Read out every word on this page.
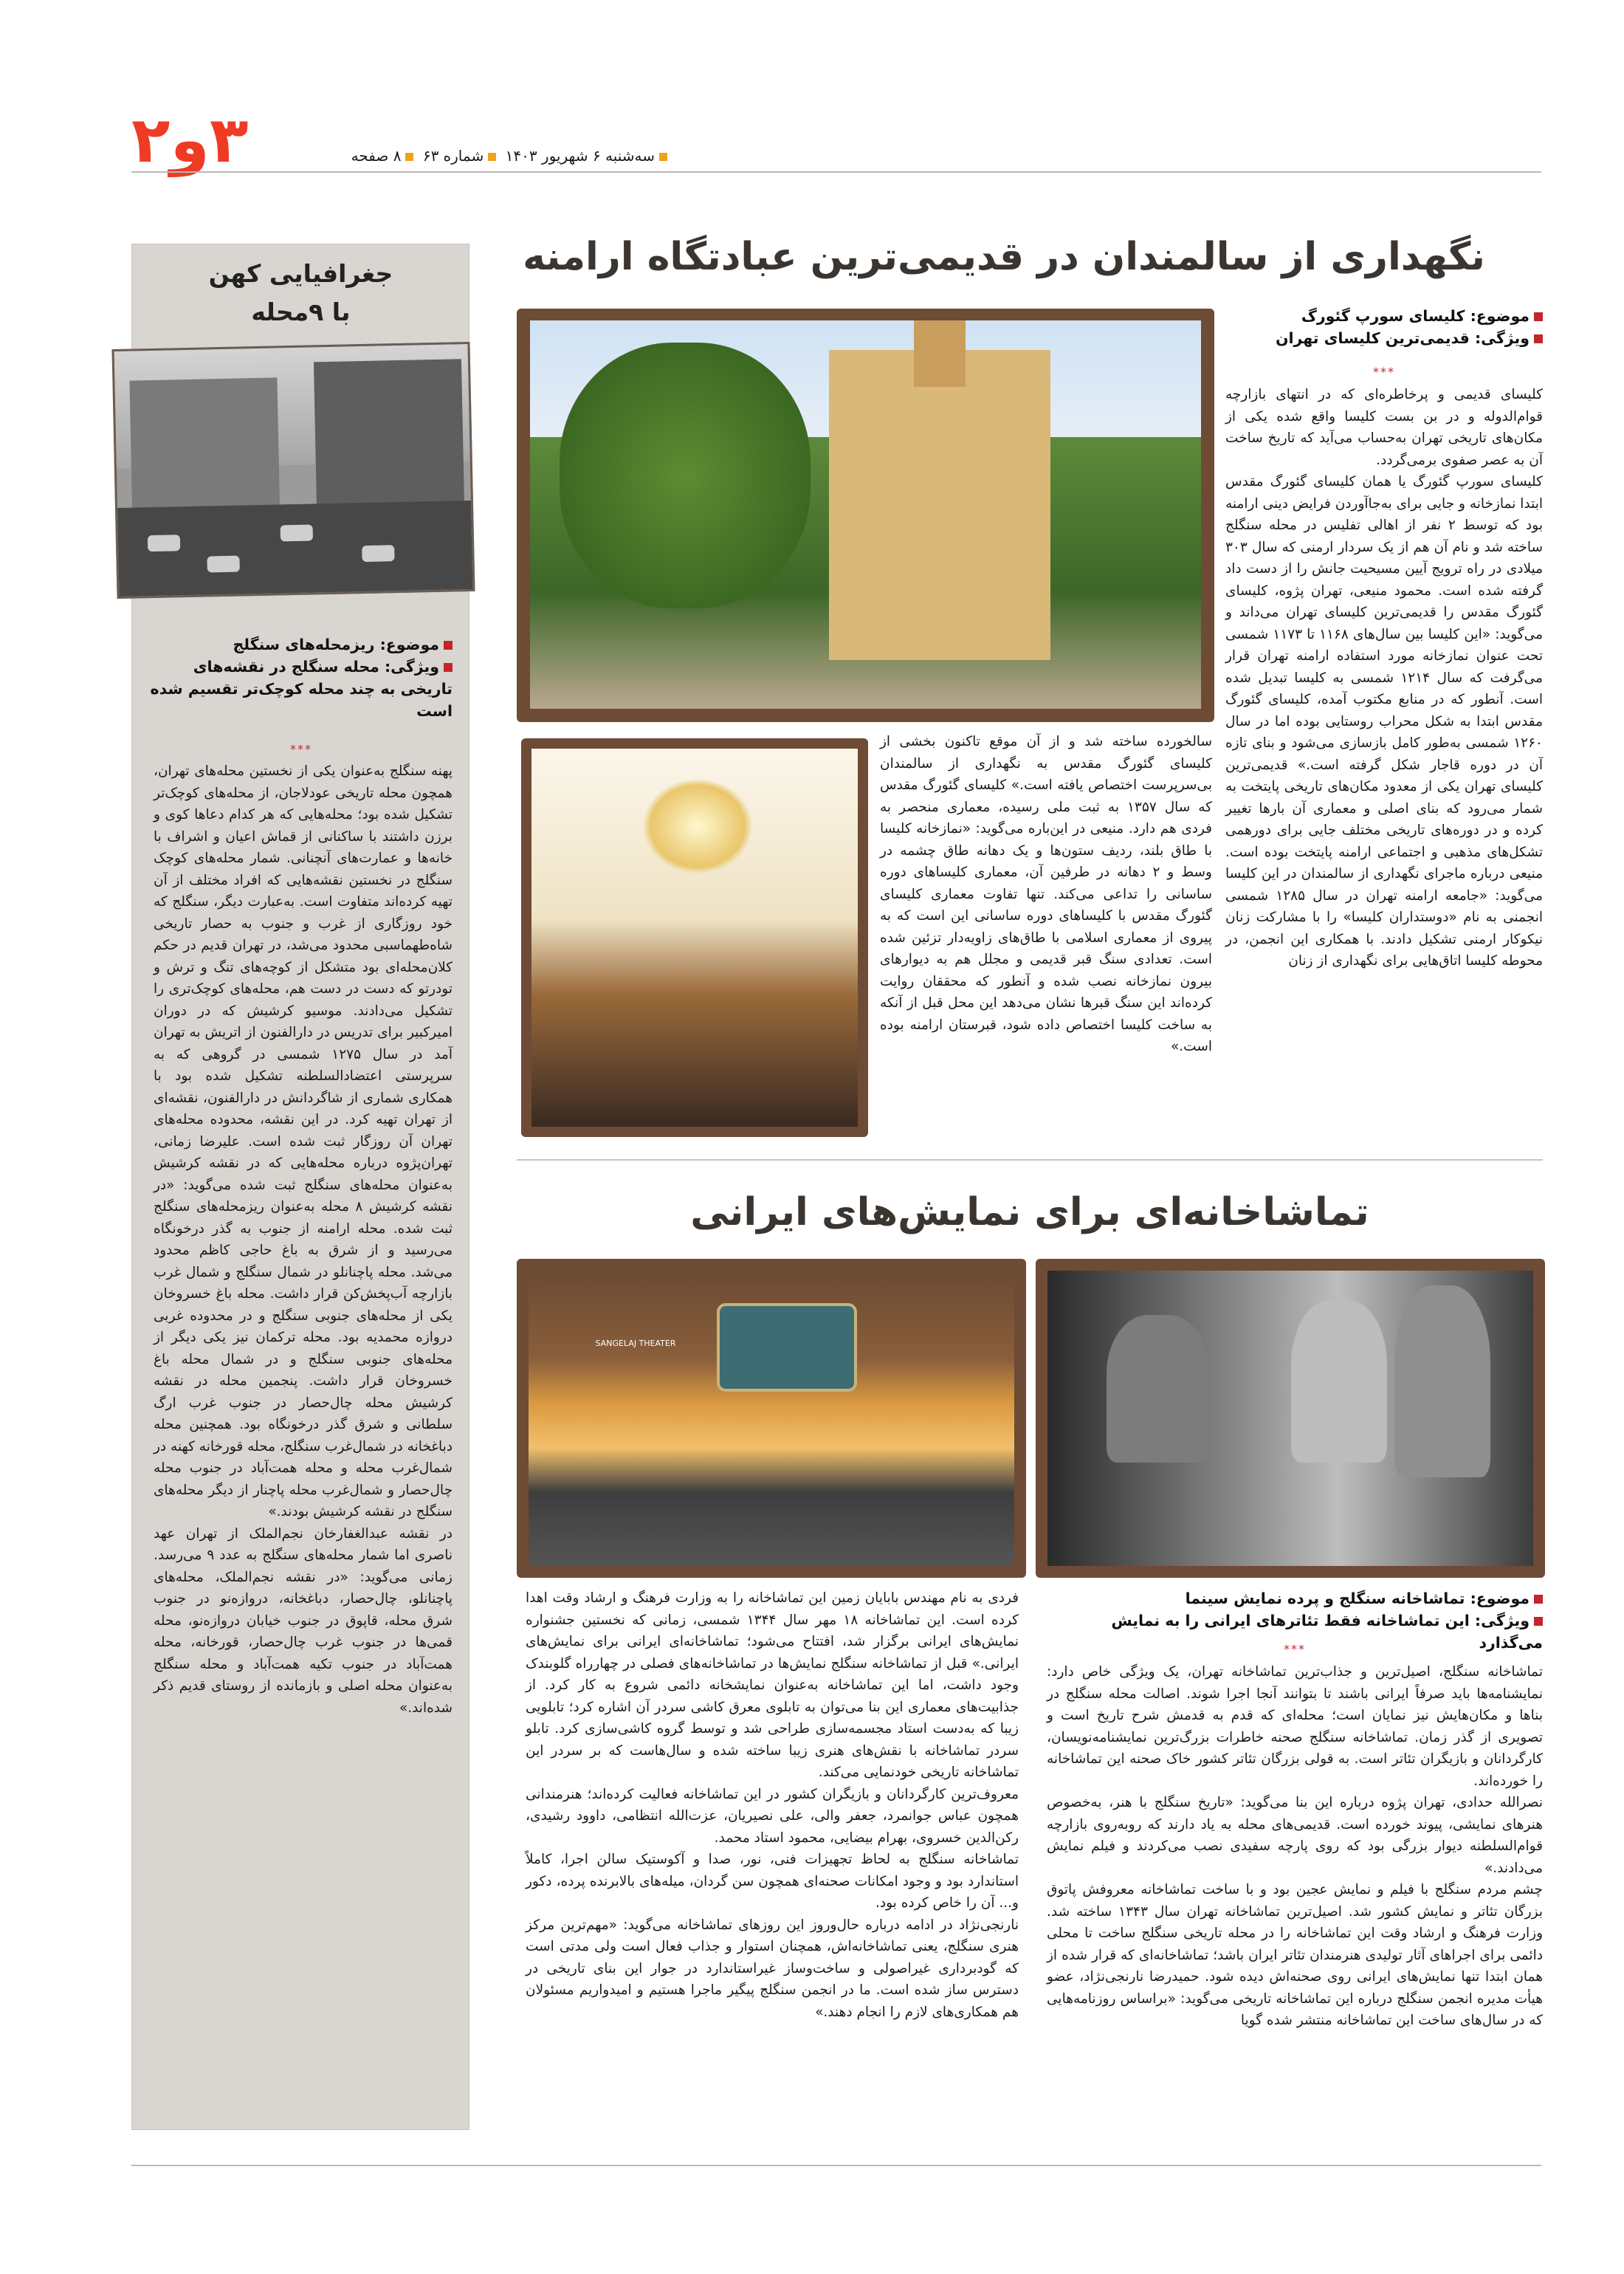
۳و۲	سه‌شنبه ۶ شهریور ۱۴۰۳ شماره ۶۳ ۸ صفحه
جغرافیایی کهن
با ۹محله
موضوع: ریزمحله‌های سنگلج
ویژگی: محله سنگلج در نقشه‌های تاریخی به چند محله کوچک‌تر تقسیم شده است
***

پهنه سنگلج به‌عنوان یکی از نخستین محله‌های تهران، همچون محله تاریخی عودلاجان، از محله‌های کوچک‌تر تشکیل شده بود؛ محله‌هایی که هر کدام دعاها کوی و برزن داشتند با ساکنانی از قماش اعیان و اشراف با خانه‌ها و عمارت‌های آنچنانی. شمار محله‌های کوچک سنگلج در نخستین نقشه‌هایی که افراد مختلف از آن تهیه کرده‌اند متفاوت است. به‌عبارت دیگر، سنگلج که خود روزگاری از غرب و جنوب به حصار تاریخی شاه‌طهماسبی محدود می‌شد، در تهران قدیم در حکم کلان‌محله‌ای بود متشکل از کوچه‌های تنگ و ترش و تودرتو که دست در دست هم، محله‌های کوچک‌تری را تشکیل می‌دادند. موسیو کرشیش که در دوران امیرکبیر برای تدریس در دارالفنون از اتریش به تهران آمد در سال ۱۲۷۵ شمسی در گروهی که به سرپرستی اعتضادالسلطنه تشکیل شده بود با همکاری شماری از شاگردانش در دارالفنون، نقشه‌ای از تهران تهیه کرد. در این نقشه، محدوده محله‌های تهران آن روزگار ثبت شده است. علیرضا زمانی، تهران‌پژوه درباره محله‌هایی که در نقشه کرشیش به‌عنوان محله‌های سنگلج ثبت شده می‌گوید: «در نقشه کرشیش ۸ محله به‌عنوان ریزمحله‌های سنگلج ثبت شده. محله ارامنه از جنوب به گذر درخونگاه می‌رسید و از شرق به باغ حاجی کاظم محدود می‌شد. محله پاچنانلو در شمال سنگلج و شمال غرب بازارچه آب‌پخش‌کن قرار داشت. محله باغ خسروخان یکی از محله‌های جنوبی سنگلج و در محدوده غربی دروازه محمدیه بود. محله ترکمان نیز یکی دیگر از محله‌های جنوبی سنگلج و در شمال محله باغ خسروخان قرار داشت. پنجمین محله در نقشه کرشیش محله چال‌حصار در جنوب غرب ارگ سلطانی و شرق گذر درخونگاه بود. همچنین محله دباغخانه در شمال‌غرب سنگلج، محله قورخانه کهنه در شمال‌غرب محله و محله همت‌آباد در جنوب محله چال‌حصار و شمال‌غرب محله پاچنار از دیگر محله‌های سنگلج در نقشه کرشیش بودند.»

در نقشه عبدالغفارخان نجم‌الملک از تهران عهد ناصری اما شمار محله‌های سنگلج به عدد ۹ می‌رسد. زمانی می‌گوید: «در نقشه نجم‌الملک، محله‌های پاچنانلو، چال‌حصار، دباغخانه، دروازه‌نو در جنوب شرق محله، قاپوق در جنوب خیابان دروازه‌نو، محله قمی‌ها در جنوب غرب چال‌حصار، قورخانه، محله همت‌آباد در جنوب تکیه همت‌آباد و محله سنگلج به‌عنوان محله اصلی و بازمانده از روستای قدیم ذکر شده‌اند.»

نگهداری از سالمندان در قدیمی‌ترین عبادتگاه ارامنه
موضوع: کلیسای سورپ گئورگ
ویژگی: قدیمی‌ترین کلیسای تهران
***

کلیسای قدیمی و پرخاطره‌ای که در انتهای بازارچه قوام‌الدوله و در بن بست کلیسا واقع شده یکی از مکان‌های تاریخی تهران به‌حساب می‌آید که تاریخ ساخت آن به عصر صفوی برمی‌گردد.

کلیسای سورپ گئورگ یا همان کلیسای گئورگ مقدس ابتدا نمازخانه و جایی برای به‌جاآوردن فرایض دینی ارامنه بود که توسط ۲ نفر از اهالی تفلیس در محله سنگلج ساخته شد و نام آن هم از یک سردار ارمنی که سال ۳۰۳ میلادی در راه ترویج آیین مسیحیت جانش را از دست داد گرفته شده است. محمود منیعی، تهران پژوه، کلیسای گئورگ مقدس را قدیمی‌ترین کلیسای تهران می‌داند و می‌گوید: «این کلیسا بین سال‌های ۱۱۶۸ تا ۱۱۷۳ شمسی تحت عنوان نمازخانه مورد استفاده ارامنه تهران قرار می‌گرفت که سال ۱۲۱۴ شمسی به کلیسا تبدیل شده است. آنطور که در منابع مکتوب آمده، کلیسای گئورگ مقدس ابتدا به شکل محراب روستایی بوده اما در سال ۱۲۶۰ شمسی به‌طور کامل بازسازی می‌شود و بنای تازه آن در دوره قاجار شکل گرفته است.» قدیمی‌ترین کلیسای تهران یکی از معدود مکان‌های تاریخی پایتخت به شمار می‌رود که بنای اصلی و معماری آن بارها تغییر کرده و در دوره‌های تاریخی مختلف جایی برای دورهمی تشکل‌های مذهبی و اجتماعی ارامنه پایتخت بوده است. منیعی درباره ماجرای نگهداری از سالمندان در این کلیسا می‌گوید: «جامعه ارامنه تهران در سال ۱۲۸۵ شمسی انجمنی به نام «دوستداران کلیسا» را با مشارکت زنان نیکوکار ارمنی تشکیل دادند. با همکاری این انجمن، در محوطه کلیسا اتاق‌هایی برای نگهداری از زنان

سالخورده ساخته شد و از آن موقع تاکنون بخشی از کلیسای گئورگ مقدس به نگهداری از سالمندان بی‌سرپرست اختصاص یافته است.» کلیسای گئورگ مقدس که سال ۱۳۵۷ به ثبت ملی رسیده، معماری منحصر به فردی هم دارد. منیعی در این‌باره می‌گوید: «نمازخانه کلیسا با طاق بلند، ردیف ستون‌ها و یک دهانه طاق چشمه در وسط و ۲ دهانه در طرفین آن، معماری کلیساهای دوره ساسانی را تداعی می‌کند. تنها تفاوت معماری کلیسای گئورگ مقدس با کلیساهای دوره ساسانی این است که به پیروی از معماری اسلامی با طاق‌های زاویه‌دار تزئین شده است. تعدادی سنگ قبر قدیمی و مجلل هم به دیوارهای بیرون نمازخانه نصب شده و آنطور که محققان روایت کرده‌اند این سنگ قبرها نشان می‌دهد این محل قبل از آنکه به ساخت کلیسا اختصاص داده شود، قبرستان ارامنه بوده است.»

تماشاخانه‌ای برای نمایش‌های ایرانی
SANGELAJ THEATER
موضوع: تماشاخانه سنگلج و پرده نمایش سینما
ویژگی: این تماشاخانه فقط تئاترهای ایرانی را به نمایش می‌گذارد
***

تماشاخانه سنگلج، اصیل‌ترین و جذاب‌ترین تماشاخانه تهران، یک ویژگی خاص دارد: نمایشنامه‌ها باید صرفاً ایرانی باشند تا بتوانند آنجا اجرا شوند. اصالت محله سنگلج در بناها و مکان‌هایش نیز نمایان است؛ محله‌ای که قدم به قدمش شرح تاریخ است و تصویری از گذر زمان. تماشاخانه سنگلج صحنه خاطرات بزرگ‌ترین نمایشنامه‌نویسان، کارگردانان و بازیگران تئاتر است. به قولی بزرگان تئاتر کشور خاک صحنه این تماشاخانه را خورده‌اند.

نصرالله حدادی، تهران پژوه درباره این بنا می‌گوید: «تاریخ سنگلج با هنر، به‌خصوص هنرهای نمایشی، پیوند خورده است. قدیمی‌های محله به یاد دارند که روبه‌روی بازارچه قوام‌السلطنه دیوار بزرگی بود که روی پارچه سفیدی نصب می‌کردند و فیلم نمایش می‌دادند.»

چشم مردم سنگلج با فیلم و نمایش عجین بود و با ساخت تماشاخانه معروفش پاتوق بزرگان تئاتر و نمایش کشور شد. اصیل‌ترین تماشاخانه تهران سال ۱۳۴۳ ساخته شد. وزارت فرهنگ و ارشاد وقت این تماشاخانه را در محله تاریخی سنگلج ساخت تا محلی دائمی برای اجراهای آثار تولیدی هنرمندان تئاتر ایران باشد؛ تماشاخانه‌ای که قرار شده از همان ابتدا تنها نمایش‌های ایرانی روی صحنه‌اش دیده شود. حمیدرضا نارنجی‌نژاد، عضو هیأت مدیره انجمن سنگلج درباره این تماشاخانه تاریخی می‌گوید: «براساس روزنامه‌هایی که در سال‌های ساخت این تماشاخانه منتشر شده گویا

فردی به نام مهندس بابایان زمین این تماشاخانه را به وزارت فرهنگ و ارشاد وقت اهدا کرده است. این تماشاخانه ۱۸ مهر سال ۱۳۴۴ شمسی، زمانی که نخستین جشنواره نمایش‌های ایرانی برگزار شد، افتتاح می‌شود؛ تماشاخانه‌ای ایرانی برای نمایش‌های ایرانی.» قبل از تماشاخانه سنگلج نمایش‌ها در تماشاخانه‌های فصلی در چهارراه گلوبندک وجود داشت، اما این تماشاخانه به‌عنوان نمایشخانه دائمی شروع به کار کرد. از جذابیت‌های معماری این بنا می‌توان به تابلوی معرق کاشی سردر آن اشاره کرد؛ تابلویی زیبا که به‌دست استاد مجسمه‌سازی طراحی شد و توسط گروه کاشی‌سازی کرد. تابلو سردر تماشاخانه با نقش‌های هنری زیبا ساخته شده و سال‌هاست که بر سردر این تماشاخانه تاریخی خودنمایی می‌کند.

معروف‌ترین کارگردانان و بازیگران کشور در این تماشاخانه فعالیت کرده‌اند؛ هنرمندانی همچون عباس جوانمرد، جعفر والی، علی نصیریان، عزت‌الله انتظامی، داوود رشیدی، رکن‌الدین خسروی، بهرام بیضایی، محمود استاد محمد.

تماشاخانه سنگلج به لحاظ تجهیزات فنی، نور، صدا و آکوستیک سالن اجرا، کاملاً استاندارد بود و وجود امکانات صحنه‌ای همچون سن گردان، میله‌های بالابرنده پرده، دکور و... آن را خاص کرده بود.

نارنجی‌نژاد در ادامه درباره حال‌وروز این روزهای تماشاخانه می‌گوید: «مهم‌ترین مرکز هنری سنگلج، یعنی تماشاخانه‌اش، همچنان استوار و جذاب فعال است ولی مدتی است که گودبرداری غیراصولی و ساخت‌وساز غیراستاندارد در جوار این بنای تاریخی در دسترس ساز شده است. ما در انجمن سنگلج پیگیر ماجرا هستیم و امیدواریم مسئولان هم همکاری‌های لازم را انجام دهند.»
